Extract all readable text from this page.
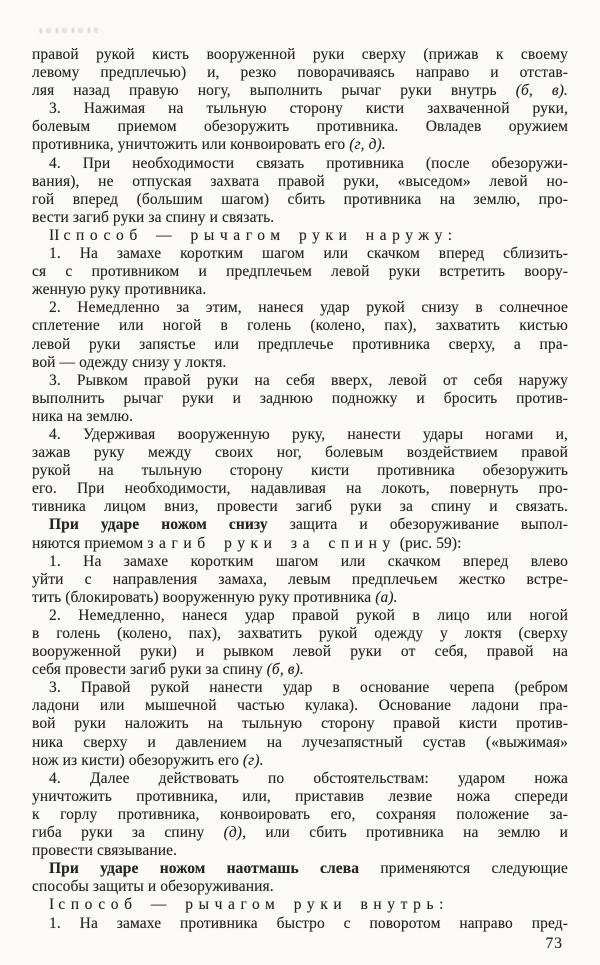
правой рукой кисть вооруженной руки сверху (прижав к своему
левому предплечью) и, резко поворачиваясь направо и отстав-
ляя назад правую ногу, выполнить рычаг руки внутрь (б, в).
3. Нажимая на тыльную сторону кисти захваченной руки,
болевым приемом обезоружить противника. Овладев оружием
противника, уничтожить или конвоировать его (г, д).
4. При необходимости связать противника (после обезоружи-
вания), не отпуская захвата правой руки, «выседом» левой но-
гой вперед (большим шагом) сбить противника на землю, про-
вести загиб руки за спину и связать.
II способ — рычагом руки наружу:
1. На замахе коротким шагом или скачком вперед сблизить-
ся с противником и предплечьем левой руки встретить воору-
женную руку противника.
2. Немедленно за этим, нанеся удар рукой снизу в солнечное
сплетение или ногой в голень (колено, пах), захватить кистью
левой руки запястье или предплечье противника сверху, а пра-
вой — одежду снизу у локтя.
3. Рывком правой руки на себя вверх, левой от себя наружу
выполнить рычаг руки и заднюю подножку и бросить против-
ника на землю.
4. Удерживая вооруженную руку, нанести удары ногами и,
зажав руку между своих ног, болевым воздействием правой
рукой на тыльную сторону кисти противника обезоружить
его. При необходимости, надавливая на локоть, повернуть про-
тивника лицом вниз, провести загиб руки за спину и связать.
При ударе ножом снизу защита и обезоруживание выпол-
няются приемом загиб руки за спину (рис. 59):
1. На замахе коротким шагом или скачком вперед влево
уйти с направления замаха, левым предплечьем жестко встре-
тить (блокировать) вооруженную руку противника (а).
2. Немедленно, нанеся удар правой рукой в лицо или ногой
в голень (колено, пах), захватить рукой одежду у локтя (сверху
вооруженной руки) и рывком левой руки от себя, правой на
себя провести загиб руки за спину (б, в).
3. Правой рукой нанести удар в основание черепа (ребром
ладони или мышечной частью кулака). Основание ладони пра-
вой руки наложить на тыльную сторону правой кисти против-
ника сверху и давлением на лучезапястный сустав («выжимая»
нож из кисти) обезоружить его (г).
4. Далее действовать по обстоятельствам: ударом ножа
уничтожить противника, или, приставив лезвие ножа спереди
к горлу противника, конвоировать его, сохраняя положение за-
гиба руки за спину (д), или сбить противника на землю и
провести связывание.
При ударе ножом наотмашь слева применяются следующие
способы защиты и обезоруживания.
I способ — рычагом руки внутрь:
1. На замахе противника быстро с поворотом направо пред-
73
